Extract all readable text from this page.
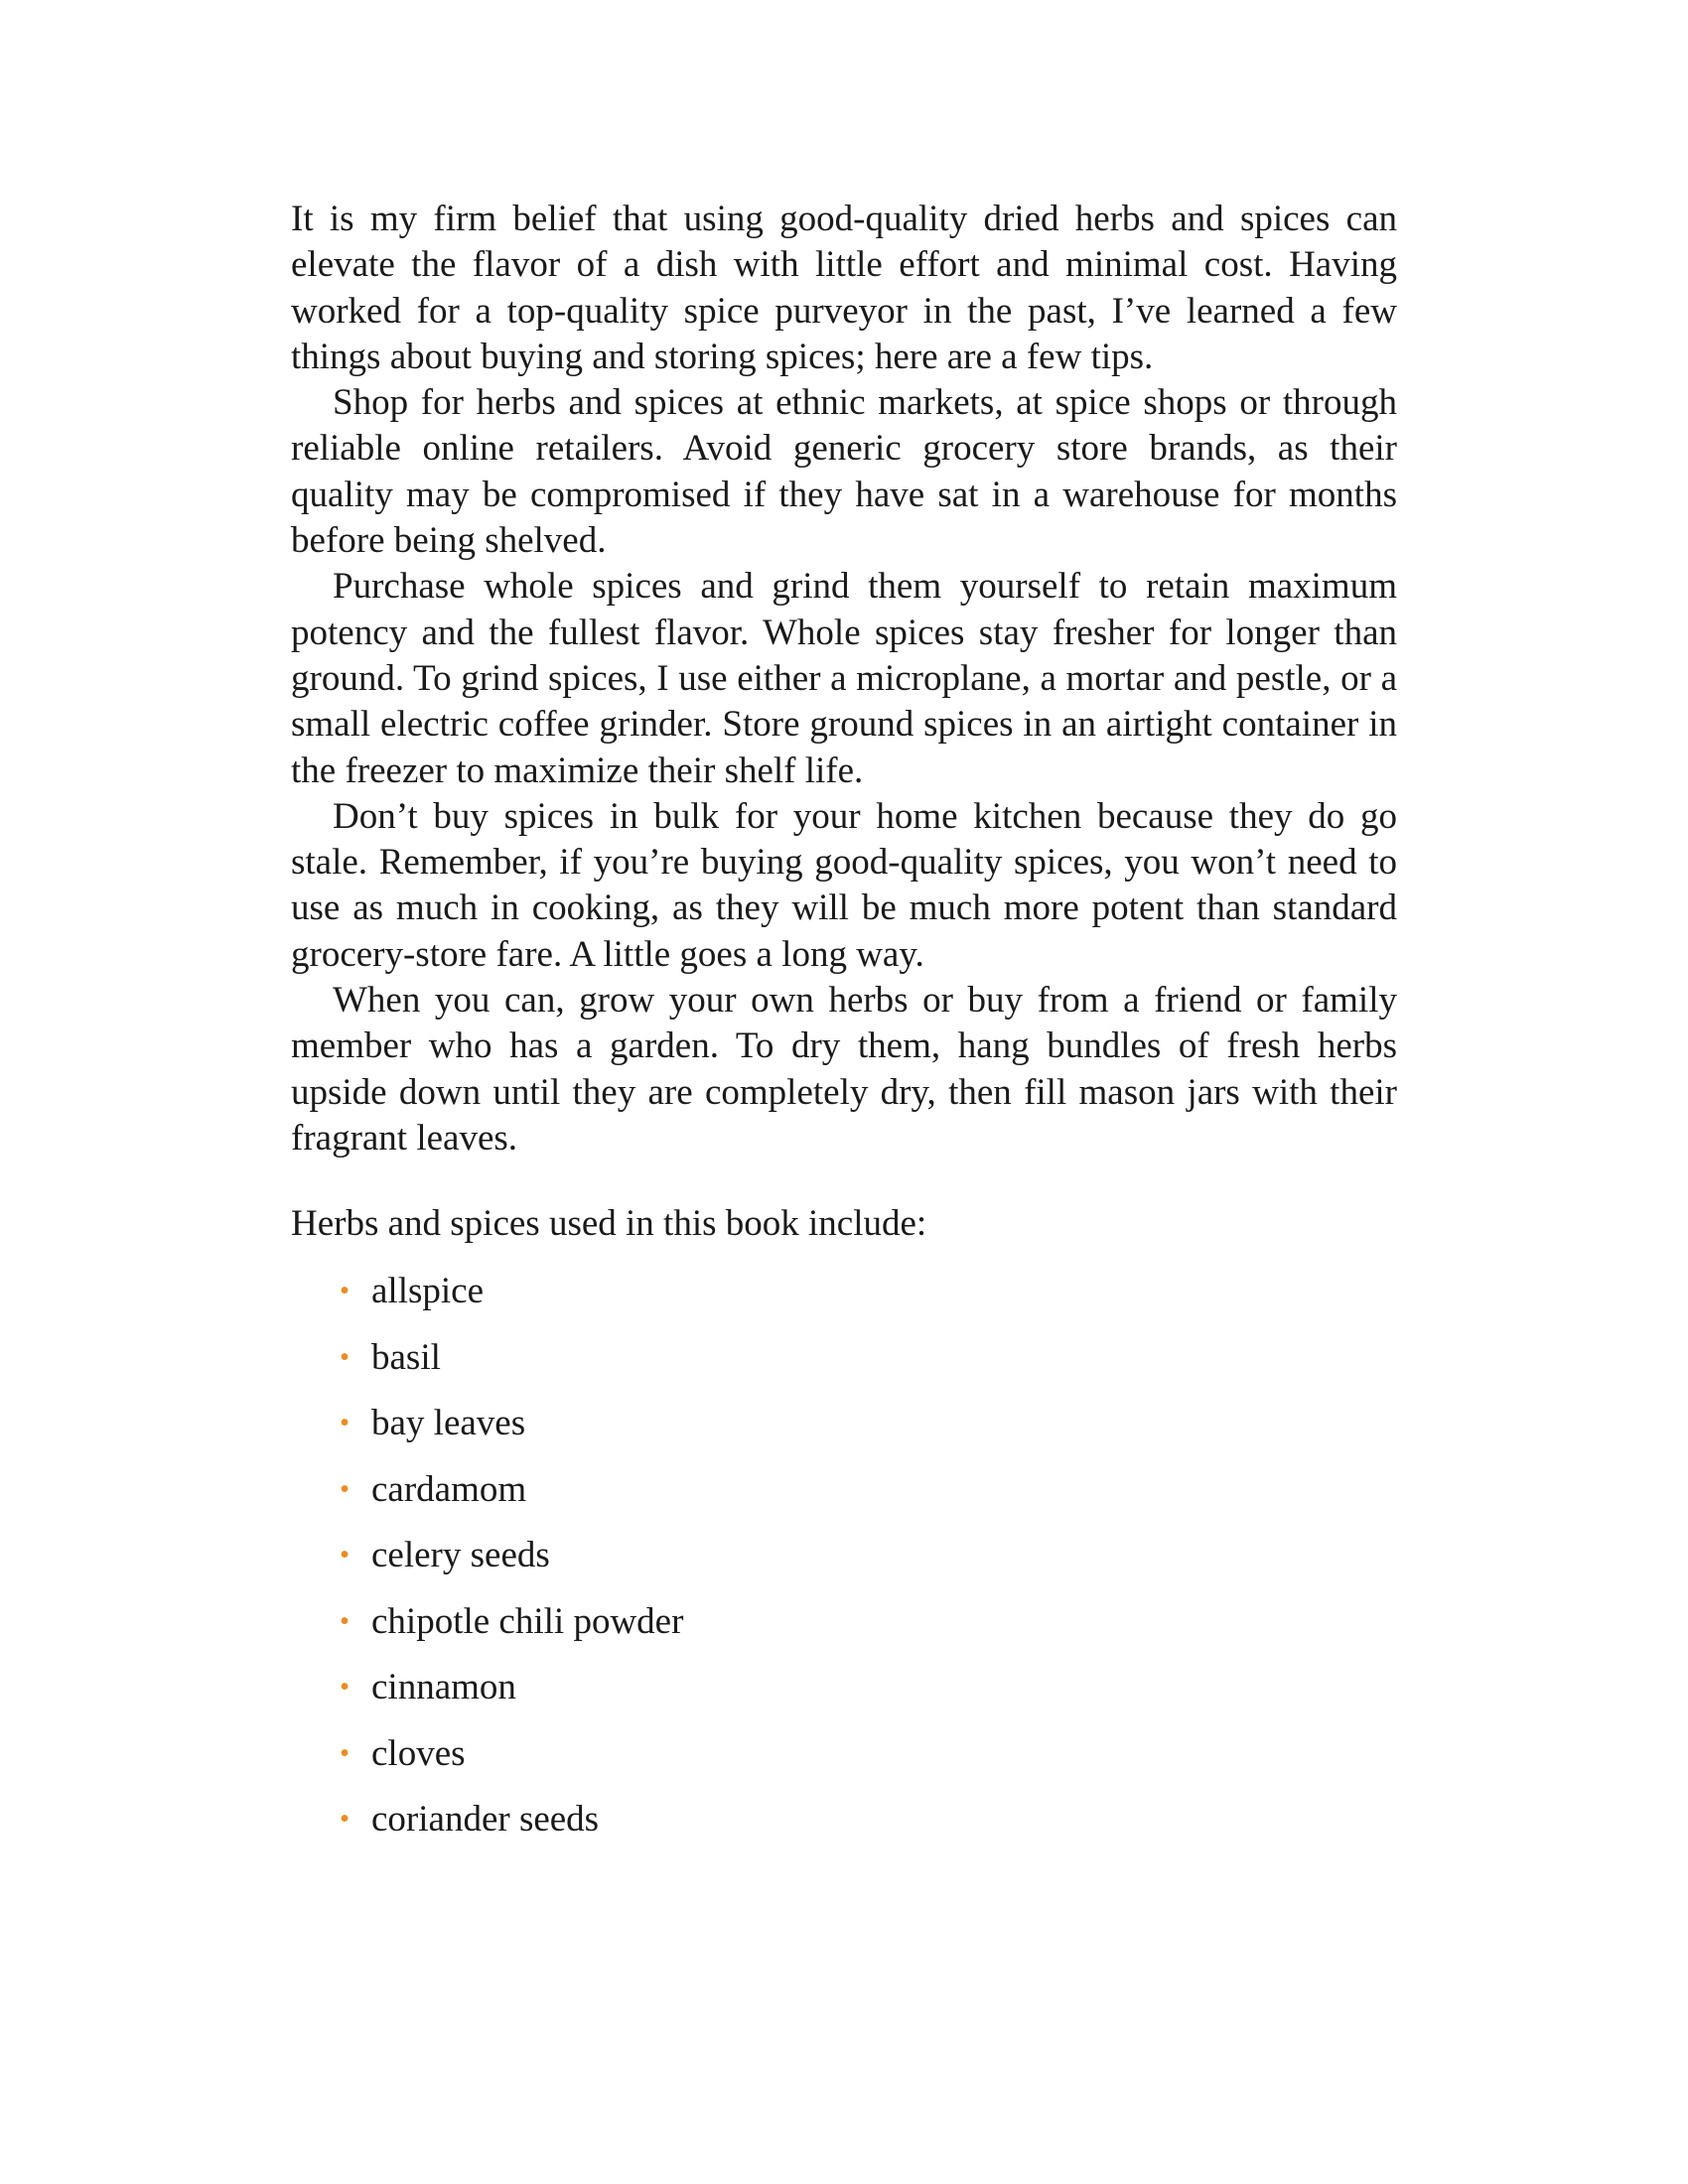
It is my firm belief that using good-quality dried herbs and spices can elevate the flavor of a dish with little effort and minimal cost. Having worked for a top-quality spice purveyor in the past, I’ve learned a few things about buying and storing spices; here are a few tips.

Shop for herbs and spices at ethnic markets, at spice shops or through reliable online retailers. Avoid generic grocery store brands, as their quality may be compromised if they have sat in a warehouse for months before being shelved.

Purchase whole spices and grind them yourself to retain maximum potency and the fullest flavor. Whole spices stay fresher for longer than ground. To grind spices, I use either a microplane, a mortar and pestle, or a small electric coffee grinder. Store ground spices in an airtight container in the freezer to maximize their shelf life.

Don’t buy spices in bulk for your home kitchen because they do go stale. Remember, if you’re buying good-quality spices, you won’t need to use as much in cooking, as they will be much more potent than standard grocery-store fare. A little goes a long way.

When you can, grow your own herbs or buy from a friend or family member who has a garden. To dry them, hang bundles of fresh herbs upside down until they are completely dry, then fill mason jars with their fragrant leaves.

Herbs and spices used in this book include:

• allspice
• basil
• bay leaves
• cardamom
• celery seeds
• chipotle chili powder
• cinnamon
• cloves
• coriander seeds
